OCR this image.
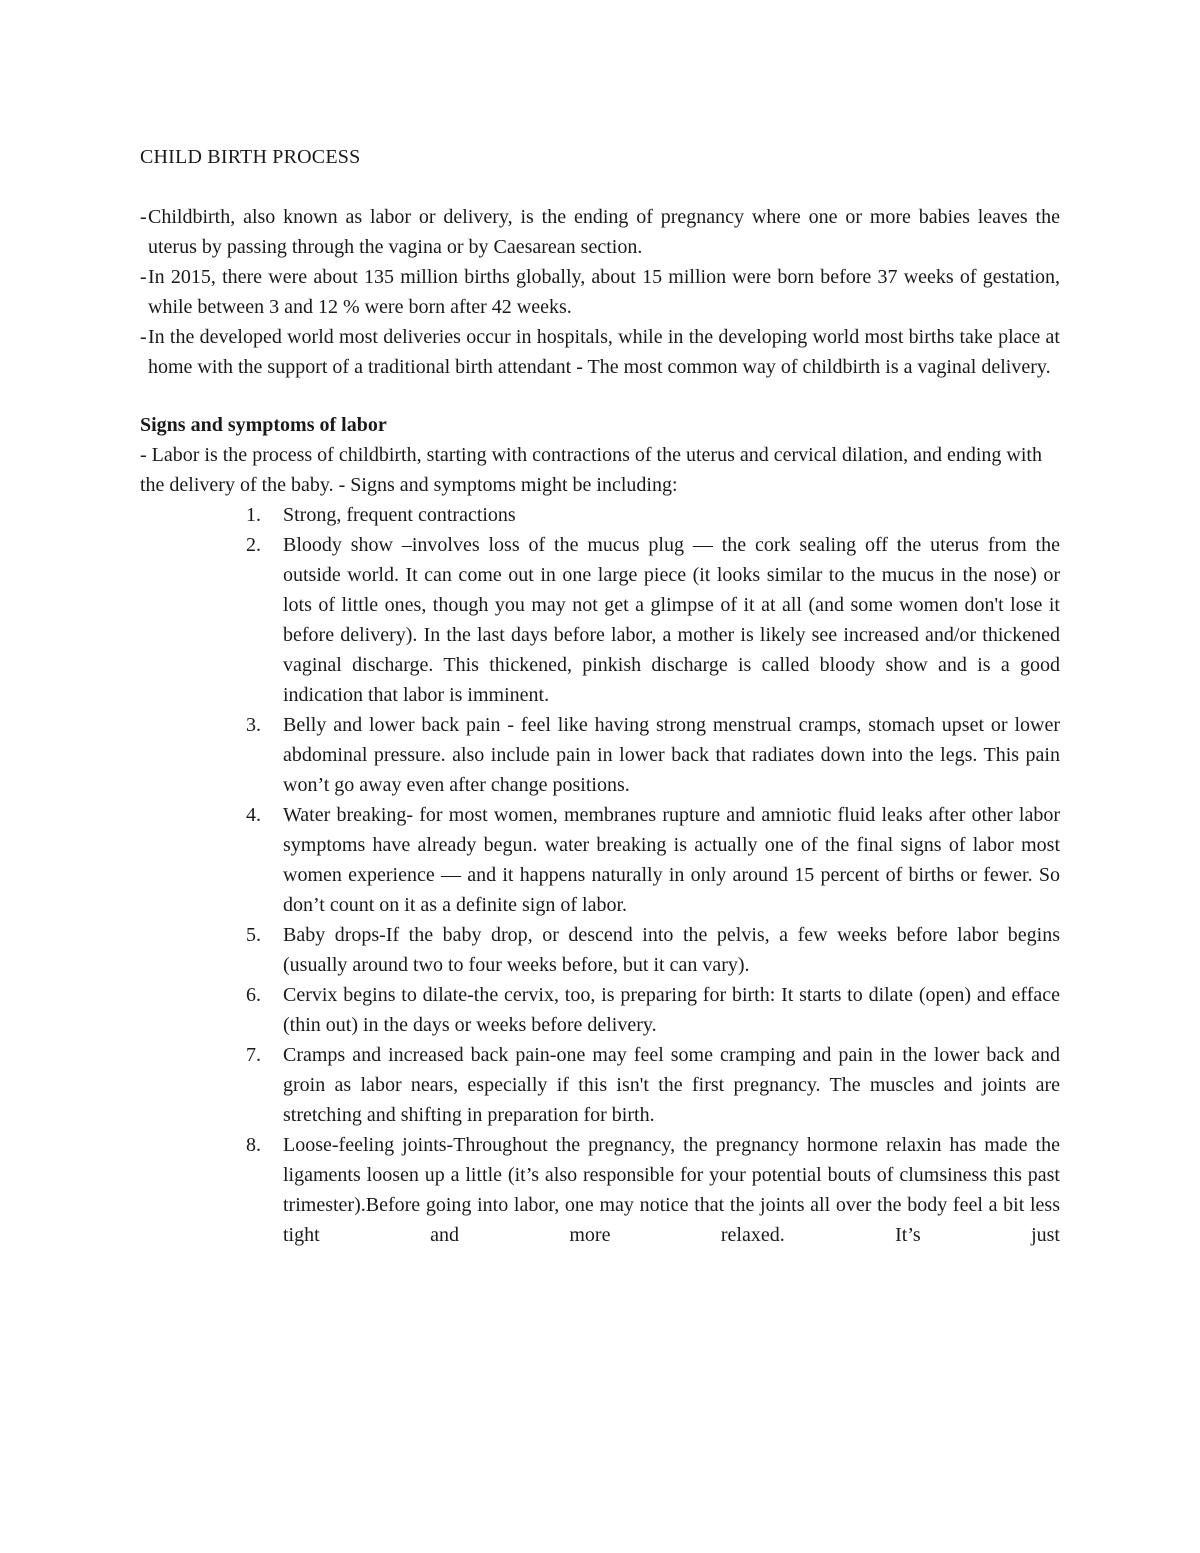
CHILD BIRTH PROCESS
- Childbirth, also known as labor or delivery, is the ending of pregnancy where one or more babies leaves the uterus by passing through the vagina or by Caesarean section.
- In 2015, there were about 135 million births globally, about 15 million were born before 37 weeks of gestation, while between 3 and 12 % were born after 42 weeks.
- In the developed world most deliveries occur in hospitals, while in the developing world most births take place at home with the support of a traditional birth attendant - The most common way of childbirth is a vaginal delivery.
Signs and symptoms of labor

- Labor is the process of childbirth, starting with contractions of the uterus and cervical dilation, and ending with the delivery of the baby. - Signs and symptoms might be including:

1. Strong, frequent contractions
2. Bloody show –involves loss of the mucus plug — the cork sealing off the uterus from the outside world. It can come out in one large piece (it looks similar to the mucus in the nose) or lots of little ones, though you may not get a glimpse of it at all (and some women don't lose it before delivery). In the last days before labor, a mother is likely see increased and/or thickened vaginal discharge. This thickened, pinkish discharge is called bloody show and is a good indication that labor is imminent.
3. Belly and lower back pain - feel like having strong menstrual cramps, stomach upset or lower abdominal pressure. also include pain in lower back that radiates down into the legs. This pain won’t go away even after change positions.
4. Water breaking- for most women, membranes rupture and amniotic fluid leaks after other labor symptoms have already begun. water breaking is actually one of the final signs of labor most women experience — and it happens naturally in only around 15 percent of births or fewer. So don’t count on it as a definite sign of labor.
5. Baby drops-If the baby drop, or descend into the pelvis, a few weeks before labor begins (usually around two to four weeks before, but it can vary).
6. Cervix begins to dilate-the cervix, too, is preparing for birth: It starts to dilate (open) and efface (thin out) in the days or weeks before delivery.
7. Cramps and increased back pain-one may feel some cramping and pain in the lower back and groin as labor nears, especially if this isn't the first pregnancy. The muscles and joints are stretching and shifting in preparation for birth.
8. Loose-feeling joints-Throughout the pregnancy, the pregnancy hormone relaxin has made the ligaments loosen up a little (it’s also responsible for your potential bouts of clumsiness this past trimester).Before going into labor, one may notice that the joints all over the body feel a bit less tight and more relaxed. It’s just
